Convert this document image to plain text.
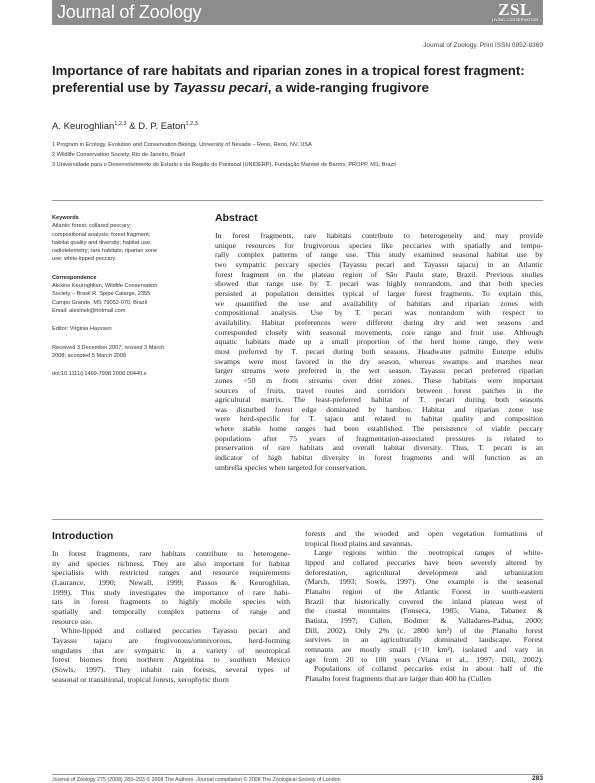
Journal of Zoology	ZSL
LIVING CONSERVATION
Journal of Zoology. Print ISSN 0952-8369
Importance of rare habitats and riparian zones in a tropical forest fragment: preferential use by Tayassu pecari, a wide-ranging frugivore
A. Keuroghlian$^{1,2,3}$ & D. P. Eaton$^{1,2,3}$
1 Program in Ecology, Evolution and Conservation Biology, University of Nevada – Reno, Reno, NV, USA
2 Wildlife Conservation Society, Rio de Janeiro, Brazil
3 Universidade para o Desenvolvimento do Estado e da Região do Pantanal (UNIDERP), Fundação Manoel de Barros, PROPP, MS, Brazil
Keywords
Atlantic forest; collared peccary;
compositional analysis; forest fragment;
habitat quality and diversity; habitat use;
radiotelemetry; rare habitats; riparian zone
use; white-lipped peccary.
Correspondence
Alexine Keuroghlian, Wildlife Conservation
Society – Brasil R. Spipe Calarge, 2355
Campo Grande, MS 79052-070, Brazil
Email: alexinek@hotmail.com
Editor: Virginia Hayssen
Received 3 December 2007; revised 3 March
2008; accepted 5 March 2008
doi:10.1111/j.1469-7998.2008.00440.x
Abstract
In forest fragments, rare habitats contribute to heterogeneity and may provide
unique resources for frugivorous species like peccaries with spatially and tempo-
rally complex patterns of range use. This study examined seasonal habitat use by
two sympatric peccary species (Tayassu pecari and Tayassu tajacu) in an Atlantic
forest fragment on the plateau region of São Paulo state, Brazil. Previous studies
showed that range use by T. pecari was highly nonrandom, and that both species
persisted at population densities typical of larger forest fragments. To explain this,
we quantified the use and availability of habitats and riparian zones with
compositional analysis. Use by T. pecari was nonrandom with respect to
availability. Habitat preferences were different during dry and wet seasons and
corresponded closely with seasonal movements, core range and fruit use. Although
aquatic habitats made up a small proportion of the herd home range, they were
most preferred by T. pecari during both seasons. Headwater palmito Euterpe edulis
swamps were most favored in the dry season, whereas swamps and marshes near
larger streams were preferred in the wet season. Tayassu pecari preferred riparian
zones <50 m from streams over drier zones. These habitats were important
sources of fruits, travel routes and corridors between forest patches in the
agricultural matrix. The least-preferred habitat of T. pecari during both seasons
was disturbed forest edge dominated by bamboo. Habitat and riparian zone use
were herd-specific for T. tajacu and related to habitat quality and composition
where stable home ranges had been established. The persistence of viable peccary
populations after 75 years of fragmentation-associated pressures is related to
preservation of rare habitats and overall habitat diversity. Thus, T. pecari is an
indicator of high habitat diversity in forest fragments and will function as an
umbrella species when targeted for conservation.
Introduction
In forest fragments, rare habitats contribute to heterogene-
ity and species richness. They are also important for habitat
specialists with restricted ranges and resource requirements
(Laurance, 1990; Newall, 1999; Passos & Keuroghlian,
1999). This study investigates the importance of rare habi-
tats in forest fragments to highly mobile species with
spatially and temporally complex patterns of range and
resource use.
White-lipped and collared peccaries Tayassu pecari and
Tayassu tajacu are frugivorous/omnivorous, herd-forming
ungulates that are sympatric in a variety of neotropical
forest biomes from northern Argentina to southern Mexico
(Sowls, 1997). They inhabit rain forests, several types of
seasonal or transitional, tropical forests, xerophytic thorn
forests and the wooded and open vegetation formations of
tropical flood plains and savannas.
Large regions within the neotropical ranges of white-
lipped and collared peccaries have been severely altered by
deforestation, agricultural development and urbanization
(March, 1993; Sowls, 1997). One example is the seasonal
Planalto region of the Atlantic Forest in south-eastern
Brazil that historically covered the inland plateau west of
the coastal mountains (Fonseca, 1985; Viana, Tabanez &
Batista, 1997; Cullen, Bodmer & Valladares-Padua, 2000;
Dill, 2002). Only 2% (c. 2800 km²) of the Planalto forest
survives in an agriculturally dominated landscape. Forest
remnants are mostly small (<10 km²), isolated and vary in
age from 20 to 100 years (Viana et al., 1997; Dill, 2002).
Populations of collared peccaries exist in about half of the
Planalto forest fragments that are larger than 400 ha (Cullen
Journal of Zoology 275 (2008) 283–293 © 2008 The Authors. Journal compilation © 2008 The Zoological Society of London	283
